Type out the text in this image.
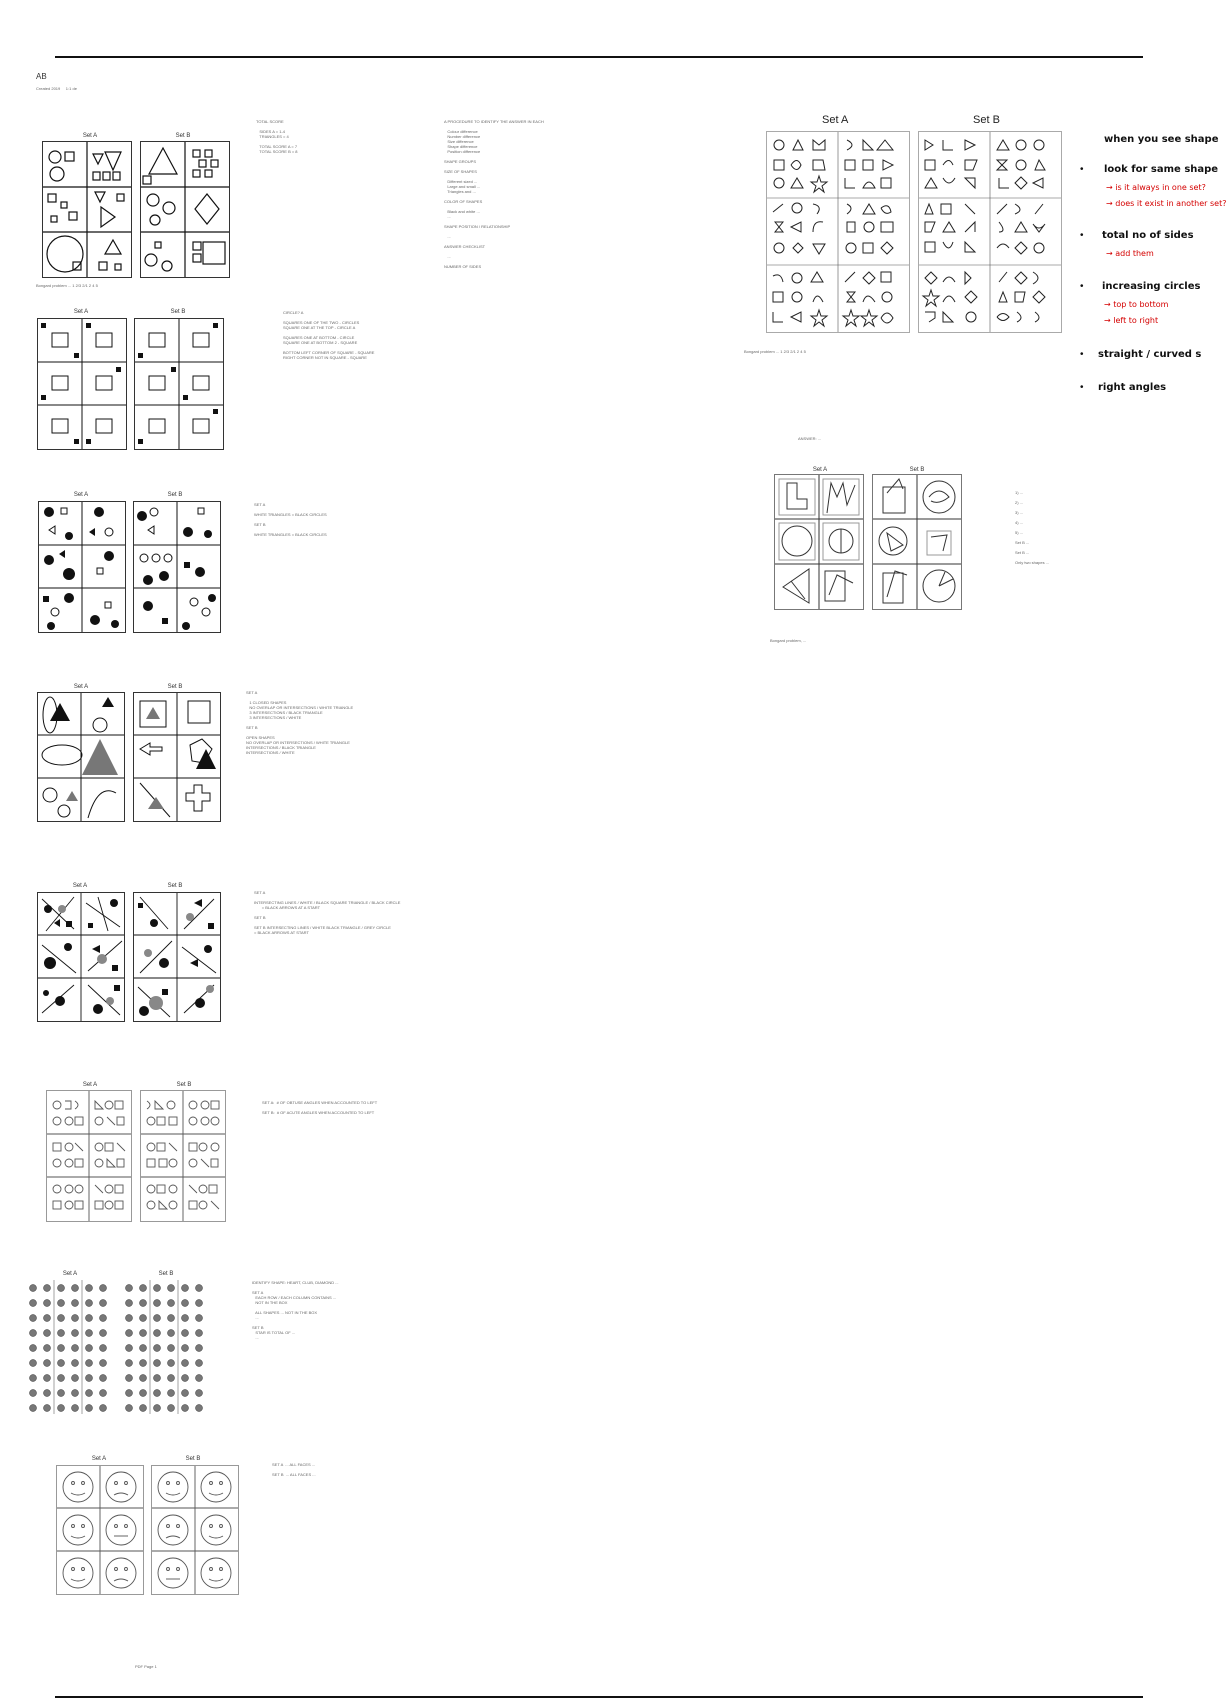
AB
Created 2019     1:1 de
Set A	Set B
Bongard problem ... 1 2/3 2/1 2 4 5
TOTAL SCORE

SIDES A = 1-4
TRIANGLES = 4

TOTAL SCORE A = 7
TOTAL SCORE B = 8
Set A	Set B	CIRCLE? A

SQUARES ONE OF THE TWO - CIRCLES
SQUARE ONE AT THE TOP - CIRCLE A

SQUARES ONE AT BOTTOM - CIRCLE
SQUARE ONE AT BOTTOM 2 - SQUARE

BOTTOM LEFT CORNER OF SQUARE - SQUARE
RIGHT CORNER NOT IN SQUARE - SQUARE
Set A	Set B
SET A

WHITE TRIANGLES = BLACK CIRCLES

SET B

WHITE TRIANGLES = BLACK CIRCLES
Set A	Set B
SET A

1 CLOSED SHAPES
NO OVERLAP OR INTERSECTIONS / WHITE TRIANGLE
3 INTERSECTIONS / BLACK TRIANGLE
3 INTERSECTIONS / WHITE

SET B

OPEN SHAPES
NO OVERLAP OR INTERSECTIONS / WHITE TRIANGLE
INTERSECTIONS / BLACK TRIANGLE
INTERSECTIONS / WHITE
Set A	Set B
SET A

INTERSECTING LINES / WHITE / BLACK SQUARE TRIANGLE / BLACK CIRCLE
= BLACK ARROWS AT A START

SET B

SET B INTERSECTING LINES / WHITE BLACK TRIANGLE / GREY CIRCLE
= BLACK ARROWS AT START
Set A	Set B
SET A:  # OF OBTUSE ANGLES WHEN ACCOUNTED TO LEFT

SET B:  # OF ACUTE ANGLES WHEN ACCOUNTED TO LEFT
Set A	Set B
IDENTIFY SHAPE: HEART, CLUB, DIAMOND ...

SET A
EACH ROW / EACH COLUMN CONTAINS ...
NOT IN THE BOX

ALL SHAPES ... NOT IN THE BOX
...

SET B
STAR IS TOTAL OF ...
...
Set A	Set B
SET A  ... ALL FACES ...

SET B  ... ALL FACES ...
A PROCEDURE TO IDENTIFY THE ANSWER IN EACH

Colour difference
Number difference
Size difference
Shape difference
Position difference

SHAPE GROUPS

SIZE OF SHAPES

Different sized ...
Large and small ...
Triangles and ...

COLOR OF SHAPES

Black and white ...
...

SHAPE POSITION / RELATIONSHIP

...

ANSWER CHECKLIST

...

NUMBER OF SIDES
Set A	Set B
Bongard problem ... 1 2/3 2/1 2 4 5
when you see shape
• look for same shape
→ is it always in one set?
→ does it exist in another set?
• total no of sides
→ add them
• increasing circles
→ top to bottom
→ left to right
• straight / curved s
• right angles
ANSWER: ...
Set A	Set B
Bongard problem, ...
1) ...

2) ...

3) ...

4) ...

5) ...

Set B ...

Set B ...

Only two shapes ...
PDF Page 1
